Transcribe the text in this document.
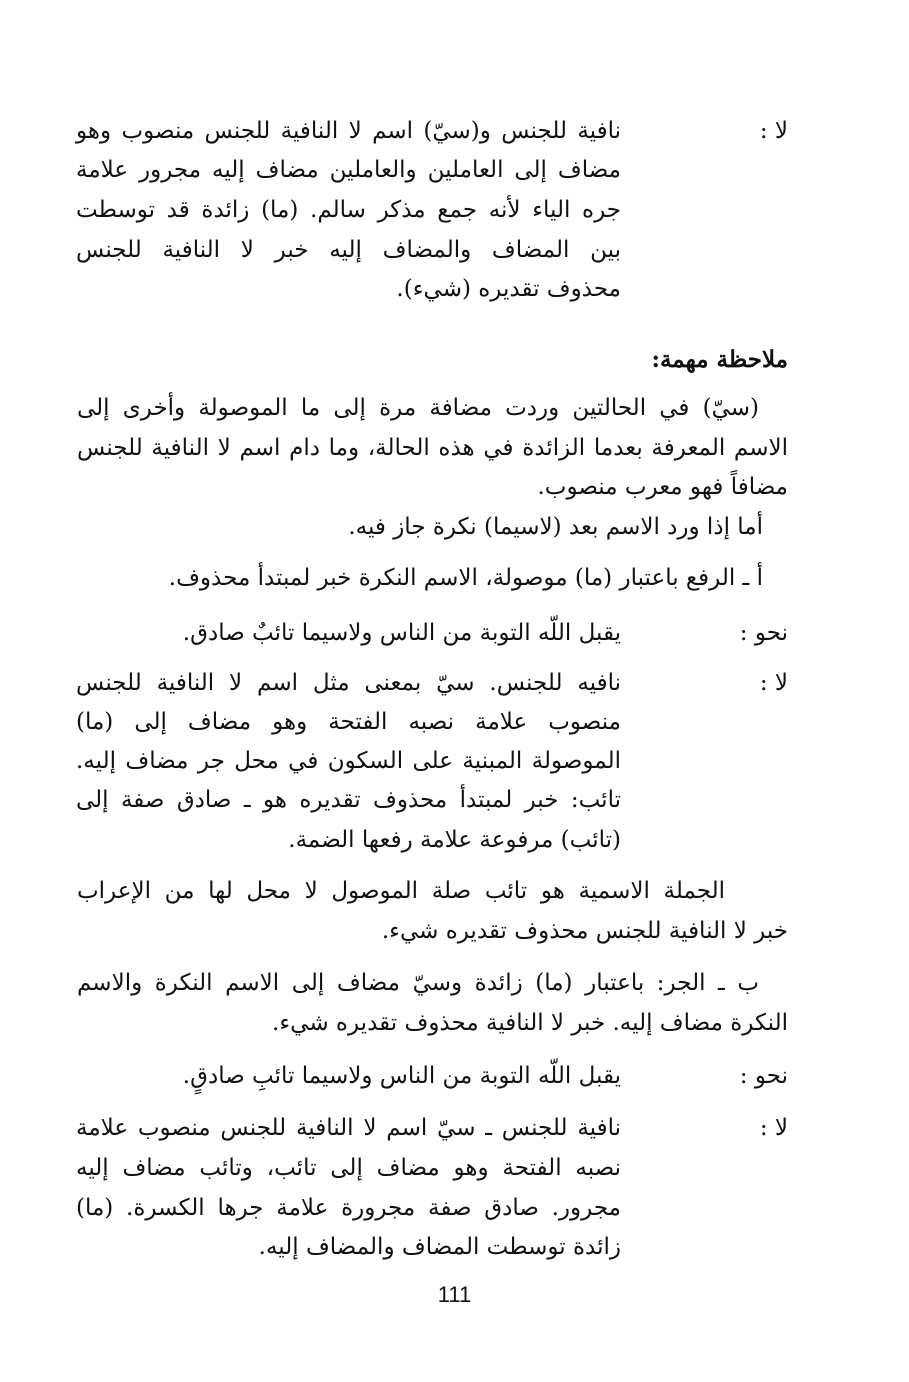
لا :
نافية للجنس و(سيّ) اسم لا النافية للجنس منصوب وهو
مضاف إلى العاملين والعاملين مضاف إليه مجرور علامة
جره الياء لأنه جمع مذكر سالم. (ما) زائدة قد توسطت
بين المضاف والمضاف إليه خبر لا النافية للجنس
محذوف تقديره (شيء).
ملاحظة مهمة:
(سيّ) في الحالتين وردت مضافة مرة إلى ما الموصولة وأخرى إلى
الاسم المعرفة بعدما الزائدة في هذه الحالة، وما دام اسم لا النافية للجنس
مضافاً فهو معرب منصوب.
أما إذا ورد الاسم بعد (لاسيما) نكرة جاز فيه.
أ ـ الرفع باعتبار (ما) موصولة، الاسم النكرة خبر لمبتدأ محذوف.
نحو :
يقبل اللّه التوبة من الناس ولاسيما تائبٌ صادق.
لا :
نافيه للجنس. سيّ بمعنى مثل اسم لا النافية للجنس
منصوب علامة نصبه الفتحة وهو مضاف إلى (ما)
الموصولة المبنية على السكون في محل جر مضاف إليه.
تائب: خبر لمبتدأ محذوف تقديره هو ـ صادق صفة إلى
(تائب) مرفوعة علامة رفعها الضمة.
الجملة الاسمية هو تائب صلة الموصول لا محل لها من الإعراب
خبر لا النافية للجنس محذوف تقديره شيء.
ب ـ الجر: باعتبار (ما) زائدة وسيّ مضاف إلى الاسم النكرة والاسم
النكرة مضاف إليه. خبر لا النافية محذوف تقديره شيء.
نحو :
يقبل اللّه التوبة من الناس ولاسيما تائبِ صادقٍ.
لا :
نافية للجنس ـ سيّ اسم لا النافية للجنس منصوب علامة
نصبه الفتحة وهو مضاف إلى تائب، وتائب مضاف إليه
مجرور. صادق صفة مجرورة علامة جرها الكسرة. (ما)
زائدة توسطت المضاف والمضاف إليه.
111
